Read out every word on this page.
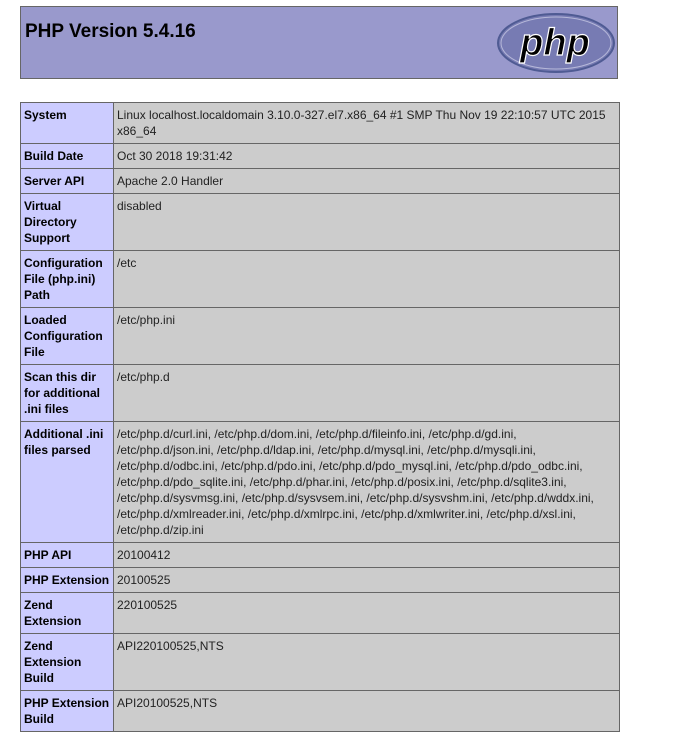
PHP Version 5.4.16	php
System	Linux localhost.localdomain 3.10.0-327.el7.x86_64 #1 SMP Thu Nov 19 22:10:57 UTC 2015 x86_64
Build Date	Oct 30 2018 19:31:42
Server API	Apache 2.0 Handler
Virtual Directory Support	disabled
Configuration File (php.ini) Path	/etc
Loaded Configuration File	/etc/php.ini
Scan this dir for additional .ini files	/etc/php.d
Additional .ini files parsed	/etc/php.d/curl.ini, /etc/php.d/dom.ini, /etc/php.d/fileinfo.ini, /etc/php.d/gd.ini, /etc/php.d/json.ini, /etc/php.d/ldap.ini, /etc/php.d/mysql.ini, /etc/php.d/mysqli.ini, /etc/php.d/odbc.ini, /etc/php.d/pdo.ini, /etc/php.d/pdo_mysql.ini, /etc/php.d/pdo_odbc.ini, /etc/php.d/pdo_sqlite.ini, /etc/php.d/phar.ini, /etc/php.d/posix.ini, /etc/php.d/sqlite3.ini, /etc/php.d/sysvmsg.ini, /etc/php.d/sysvsem.ini, /etc/php.d/sysvshm.ini, /etc/php.d/wddx.ini, /etc/php.d/xmlreader.ini, /etc/php.d/xmlrpc.ini, /etc/php.d/xmlwriter.ini, /etc/php.d/xsl.ini, /etc/php.d/zip.ini
PHP API	20100412
PHP Extension	20100525
Zend Extension	220100525
Zend Extension Build	API220100525,NTS
PHP Extension Build	API20100525,NTS
